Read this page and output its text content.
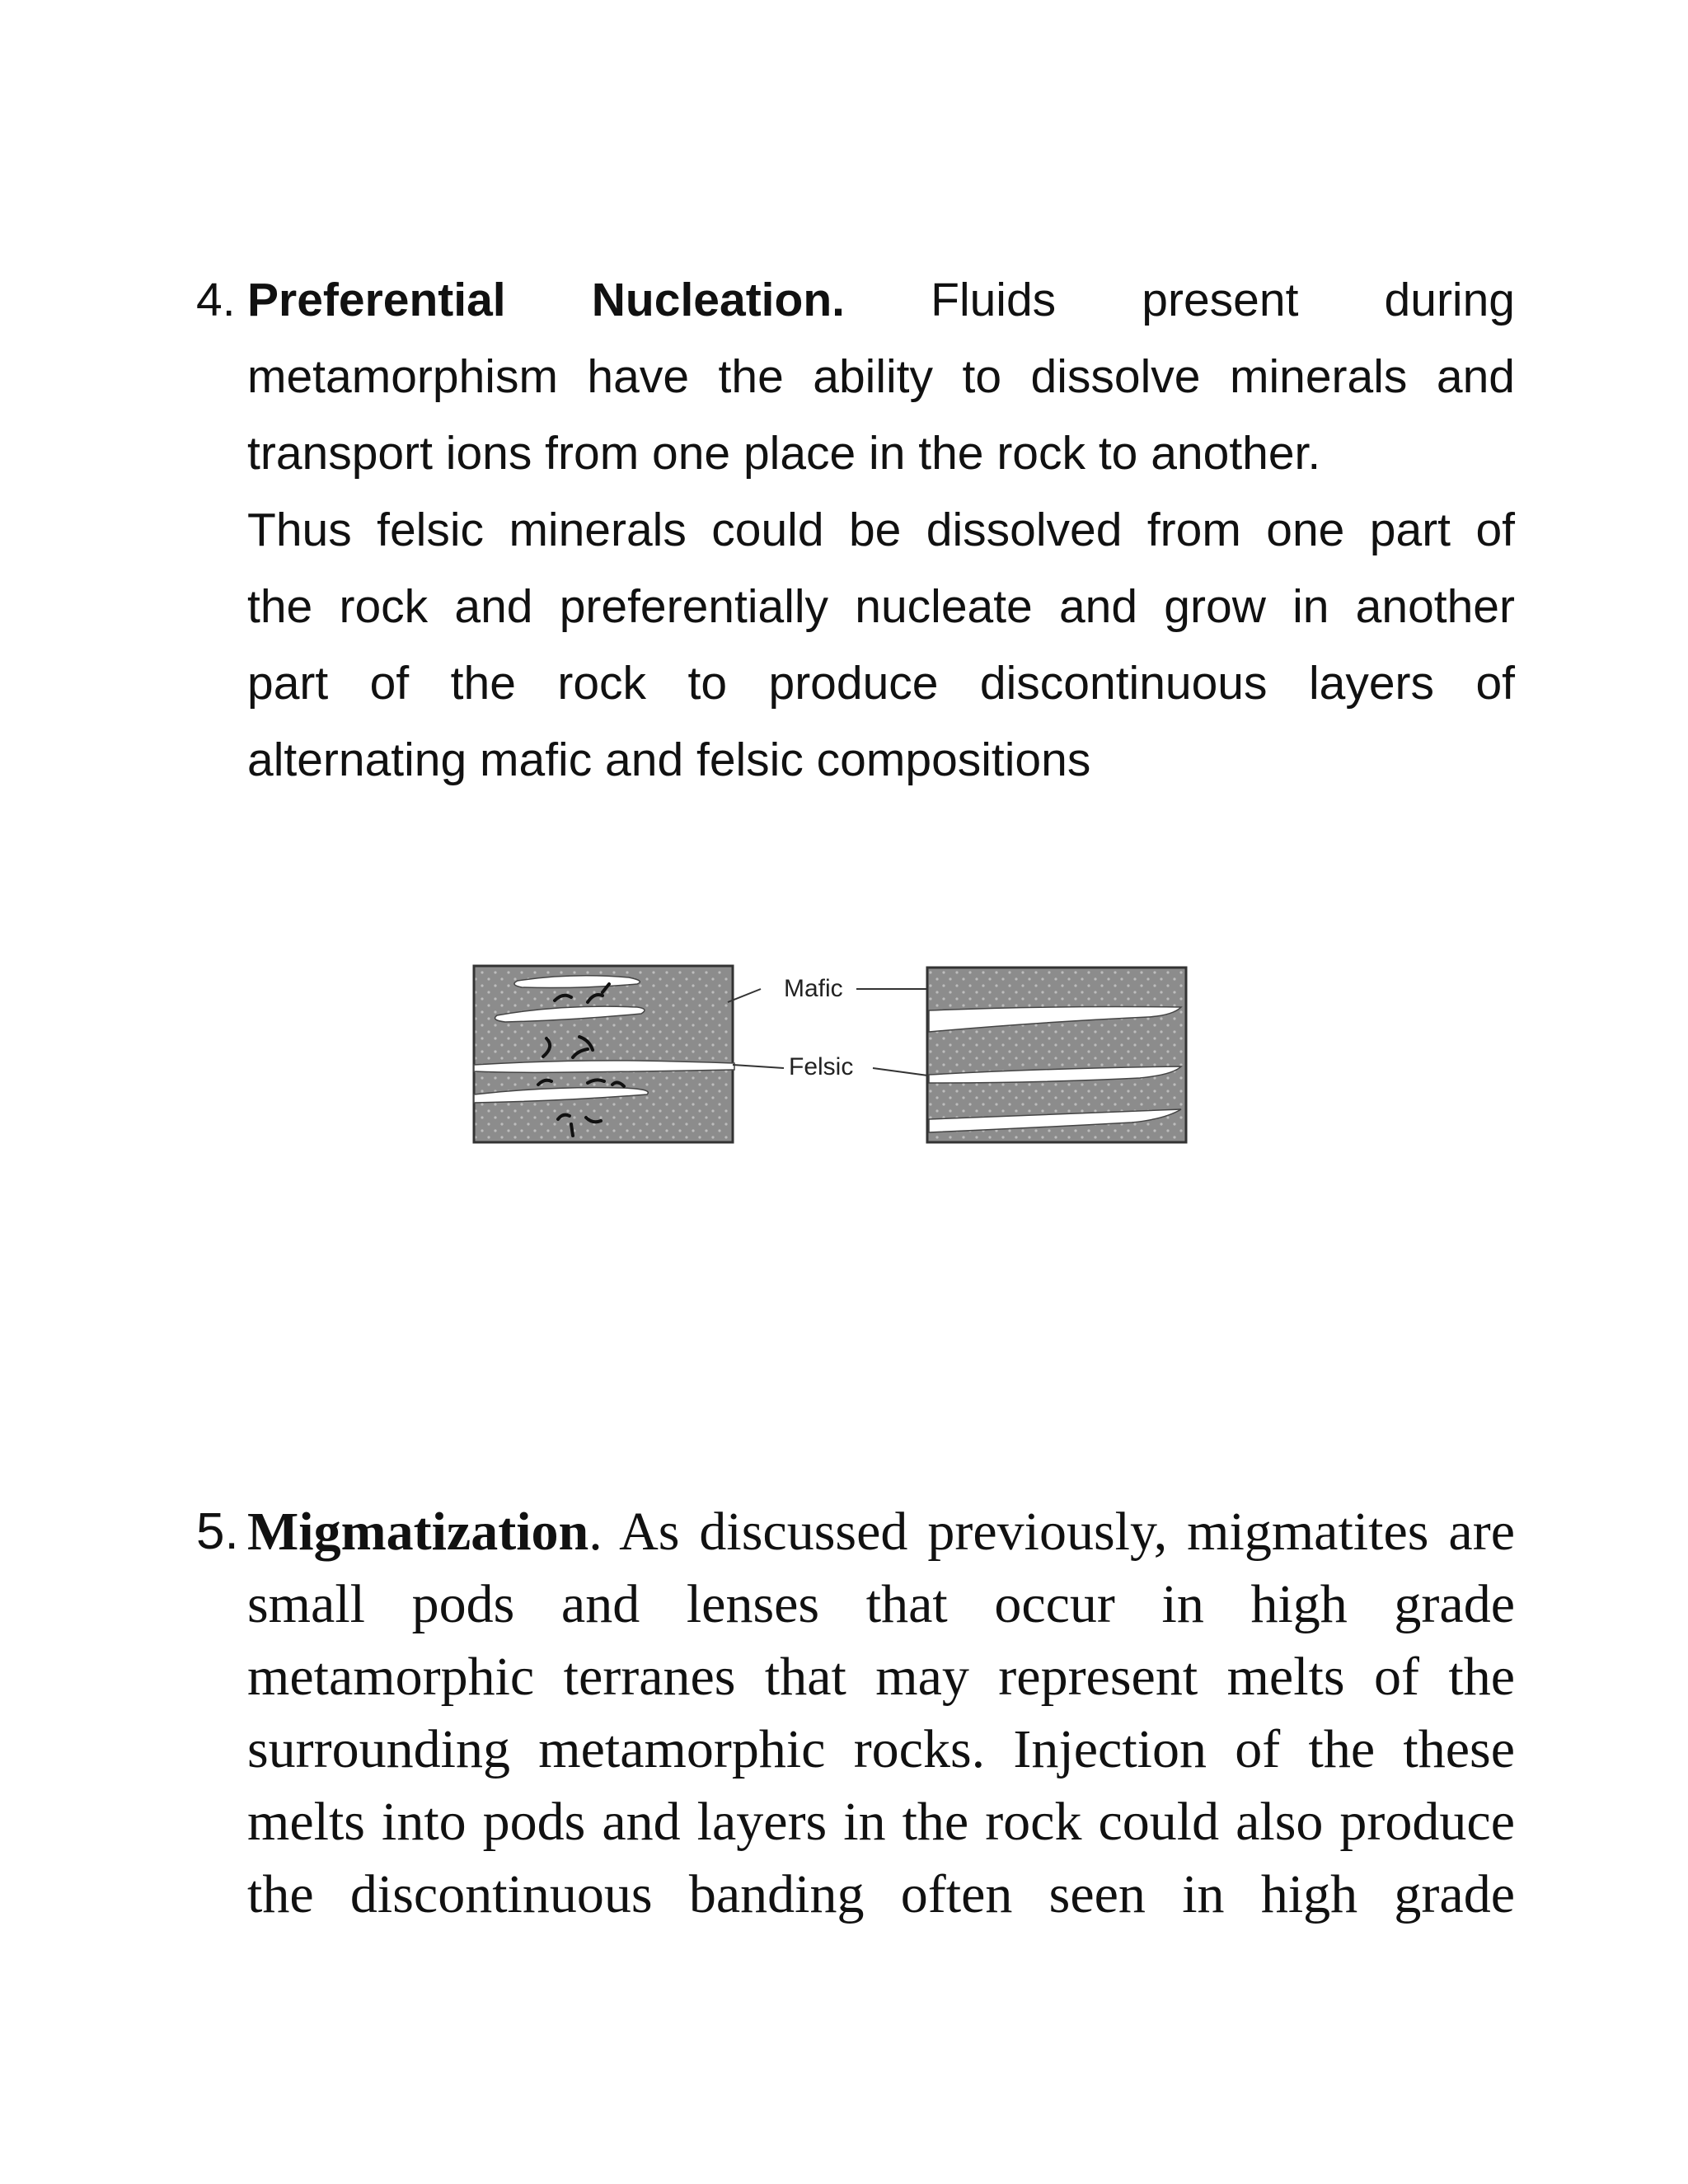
4. Preferential Nucleation. Fluids present during
metamorphism have the ability to dissolve minerals and
transport ions from one place in the rock to another.
Thus felsic minerals could be dissolved from one part of
the rock and preferentially nucleate and grow in another
part of the rock to produce discontinuous layers of
alternating mafic and felsic compositions
Mafic
Felsic
5. Migmatization. As discussed previously, migmatites are
small pods and lenses that occur in high grade
metamorphic terranes that may represent melts of the
surrounding metamorphic rocks. Injection of the these
melts into pods and layers in the rock could also produce
the discontinuous banding often seen in high grade
